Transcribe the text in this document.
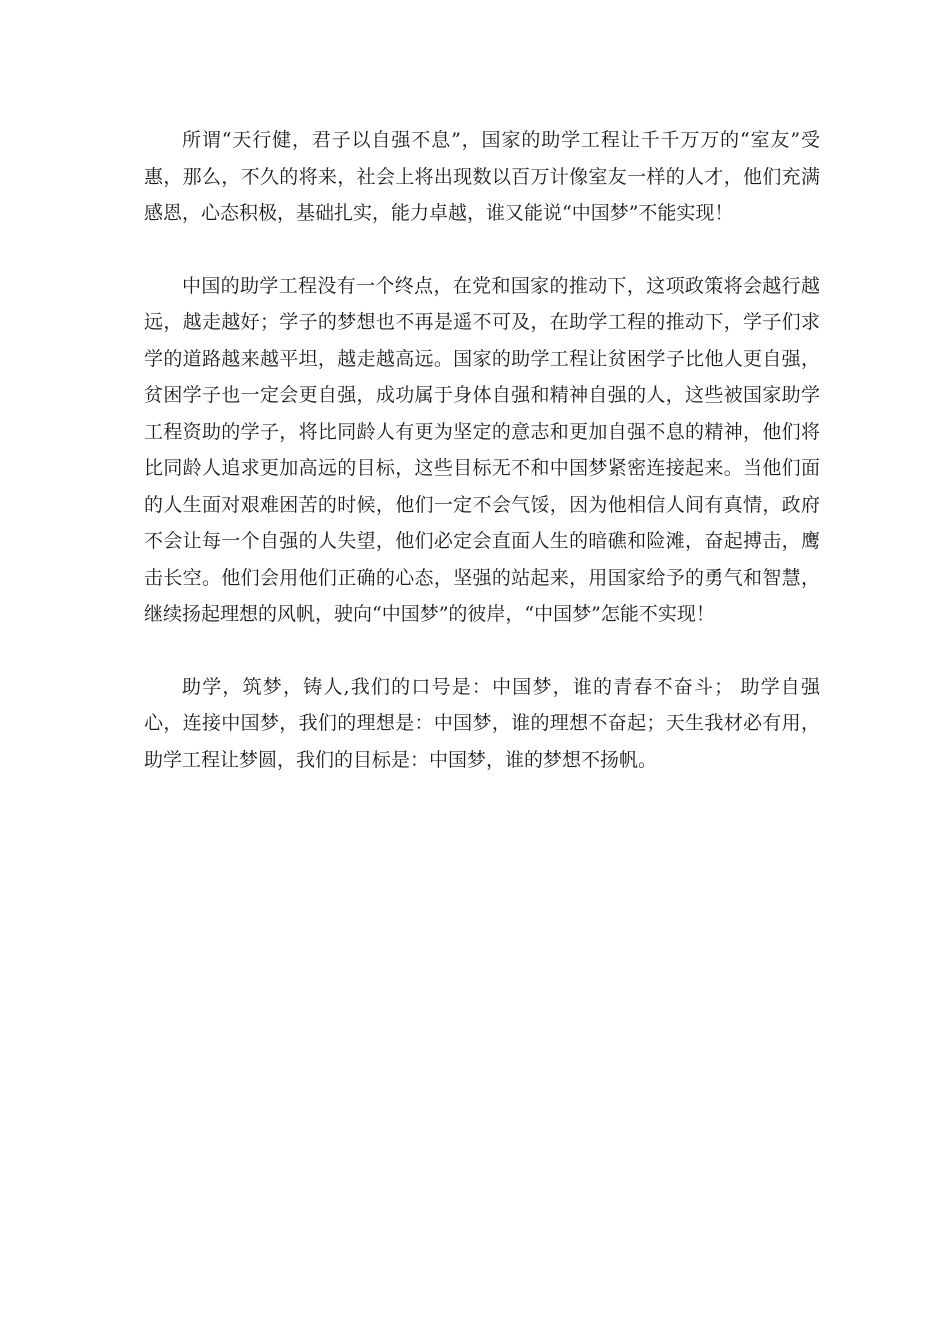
所谓“天行健，君子以自强不息”，国家的助学工程让千千万万的“室友”受惠，那么，不久的将来，社会上将出现数以百万计像室友一样的人才，他们充满感恩，心态积极，基础扎实，能力卓越，谁又能说“中国梦”不能实现！

中国的助学工程没有一个终点，在党和国家的推动下，这项政策将会越行越远，越走越好；学子的梦想也不再是遥不可及，在助学工程的推动下，学子们求学的道路越来越平坦，越走越高远。国家的助学工程让贫困学子比他人更自强，贫困学子也一定会更自强，成功属于身体自强和精神自强的人，这些被国家助学工程资助的学子，将比同龄人有更为坚定的意志和更加自强不息的精神，他们将比同龄人追求更加高远的目标，这些目标无不和中国梦紧密连接起来。当他们面的人生面对艰难困苦的时候，他们一定不会气馁，因为他相信人间有真情，政府不会让每一个自强的人失望，他们必定会直面人生的暗礁和险滩，奋起搏击，鹰击长空。他们会用他们正确的心态，坚强的站起来，用国家给予的勇气和智慧，继续扬起理想的风帆，驶向“中国梦”的彼岸，“中国梦”怎能不实现！

助学，筑梦，铸人,我们的口号是：中国梦，谁的青春不奋斗； 助学自强心，连接中国梦，我们的理想是：中国梦，谁的理想不奋起；天生我材必有用，助学工程让梦圆，我们的目标是：中国梦，谁的梦想不扬帆。
